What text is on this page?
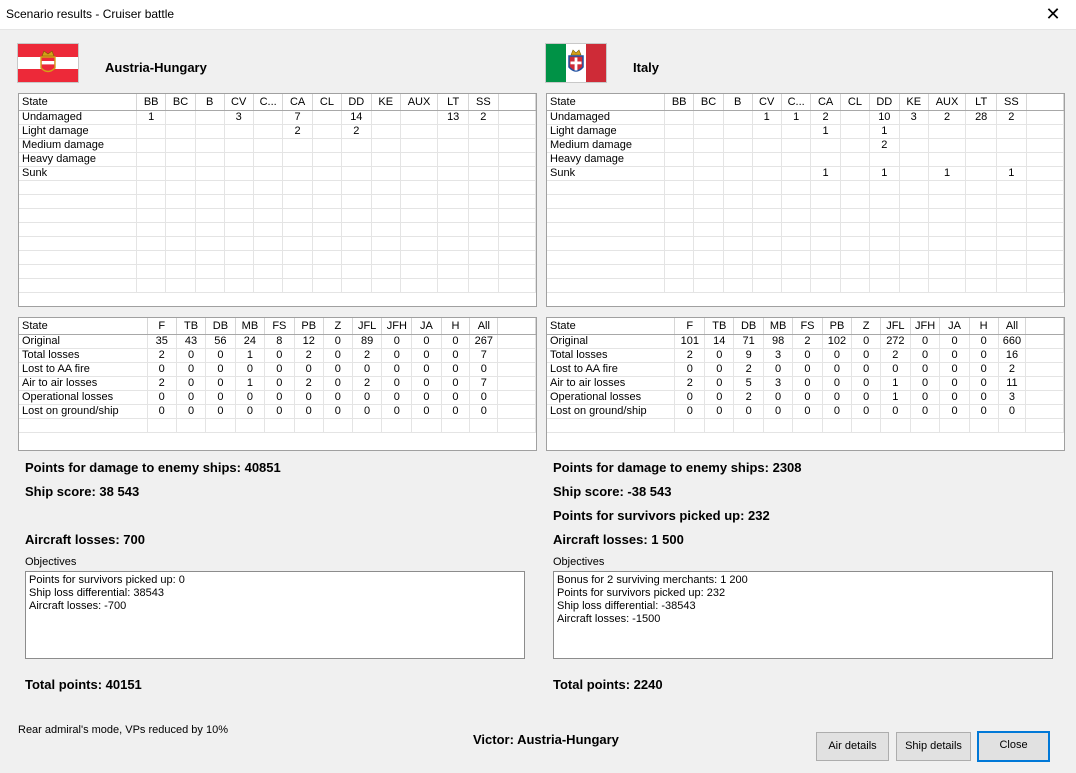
Scenario results - Cruiser battle	✕
Austria-Hungary	Italy
State	BB	BC	B	CV	C...	CA	CL	DD	KE	AUX	LT	SS	
Undamaged	1			3		7		14			13	2	
Light damage						2		2					
Medium damage													
Heavy damage													
Sunk													

State	BB	BC	B	CV	C...	CA	CL	DD	KE	AUX	LT	SS	
Undamaged				1	1	2		10	3	2	28	2	
Light damage						1		1					
Medium damage								2					
Heavy damage													
Sunk						1		1		1		1	

State	F	TB	DB	MB	FS	PB	Z	JFL	JFH	JA	H	All	
Original	35	43	56	24	8	12	0	89	0	0	0	267	
Total losses	2	0	0	1	0	2	0	2	0	0	0	7	
Lost to AA fire	0	0	0	0	0	0	0	0	0	0	0	0	
Air to air losses	2	0	0	1	0	2	0	2	0	0	0	7	
Operational losses	0	0	0	0	0	0	0	0	0	0	0	0	
Lost on ground/ship	0	0	0	0	0	0	0	0	0	0	0	0	

State	F	TB	DB	MB	FS	PB	Z	JFL	JFH	JA	H	All	
Original	101	14	71	98	2	102	0	272	0	0	0	660	
Total losses	2	0	9	3	0	0	0	2	0	0	0	16	
Lost to AA fire	0	0	2	0	0	0	0	0	0	0	0	2	
Air to air losses	2	0	5	3	0	0	0	1	0	0	0	11	
Operational losses	0	0	2	0	0	0	0	1	0	0	0	3	
Lost on ground/ship	0	0	0	0	0	0	0	0	0	0	0	0	

Points for damage to enemy ships: 40851
Ship score: 38 543
Aircraft losses: 700
Objectives
Points for survivors picked up: 0
Ship loss differential: 38543
Aircraft losses: -700
Total points: 40151
Points for damage to enemy ships: 2308
Ship score: -38 543
Points for survivors picked up: 232
Aircraft losses: 1 500
Objectives
Bonus for 2 surviving merchants: 1 200
Points for survivors picked up: 232
Ship loss differential: -38543
Aircraft losses: -1500
Total points: 2240
Rear admiral's mode, VPs reduced by 10%
Victor: Austria-Hungary	Air details	Ship details	Close
